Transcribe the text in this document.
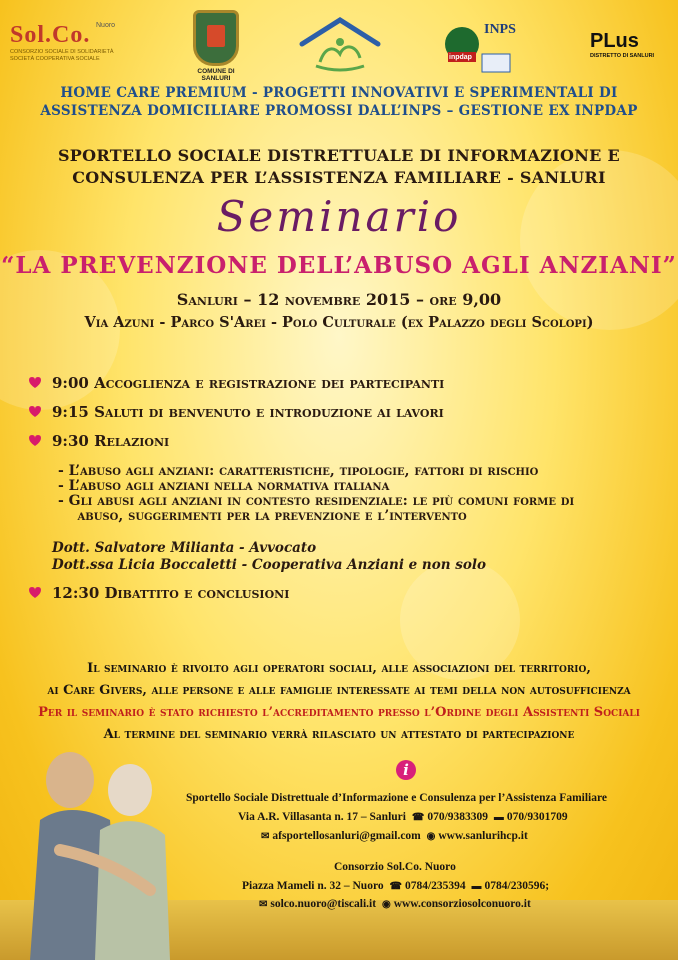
Sol.Co. Nuoro
CONSORZIO SOCIALE DI SOLIDARIETÀ
SOCIETÀ COOPERATIVA SOCIALE
COMUNE DI SANLURI
INPS
inpdap
PLus
DISTRETTO DI SANLURI
HOME CARE PREMIUM - PROGETTI INNOVATIVI E SPERIMENTALI DI
ASSISTENZA DOMICILIARE PROMOSSI DALL’INPS – GESTIONE EX INPDAP
SPORTELLO SOCIALE DISTRETTUALE DI INFORMAZIONE E
CONSULENZA PER L’ASSISTENZA FAMILIARE - SANLURI
Seminario
“LA PREVENZIONE DELL’ABUSO AGLI ANZIANI”
Sanluri – 12 novembre 2015 – ore 9,00
Via Azuni - Parco S'Arei - Polo Culturale (ex Palazzo degli Scolopi)
9:00 Accoglienza e registrazione dei partecipanti
9:15 Saluti di benvenuto e introduzione ai lavori
9:30 Relazioni
- L’abuso agli anziani: caratteristiche, tipologie, fattori di rischio
- L’abuso agli anziani nella normativa italiana
- Gli abusi agli anziani in contesto residenziale: le più comuni forme di
abuso, suggerimenti per la prevenzione e l’intervento
Dott. Salvatore Milianta - Avvocato
Dott.ssa Licia Boccaletti - Cooperativa Anziani e non solo
12:30 Dibattito e conclusioni
Il seminario è rivolto agli operatori sociali, alle associazioni del territorio,
ai Care Givers, alle persone e alle famiglie interessate ai temi della non autosufficienza
Per il seminario è stato richiesto l’accreditamento presso l’Ordine degli Assistenti Sociali
Al termine del seminario verrà rilasciato un attestato di partecipazione
i
Sportello Sociale Distrettuale d’Informazione e Consulenza per l’Assistenza Familiare
Via A.R. Villasanta n. 17 – Sanluri ☎ 070/9383309 ▬ 070/9301709
✉ afsportellosanluri@gmail.com ◉ www.sanlurihcp.it
Consorzio Sol.Co. Nuoro
Piazza Mameli n. 32 – Nuoro ☎ 0784/235394 ▬ 0784/230596;
✉ solco.nuoro@tiscali.it ◉ www.consorziosolconuoro.it
